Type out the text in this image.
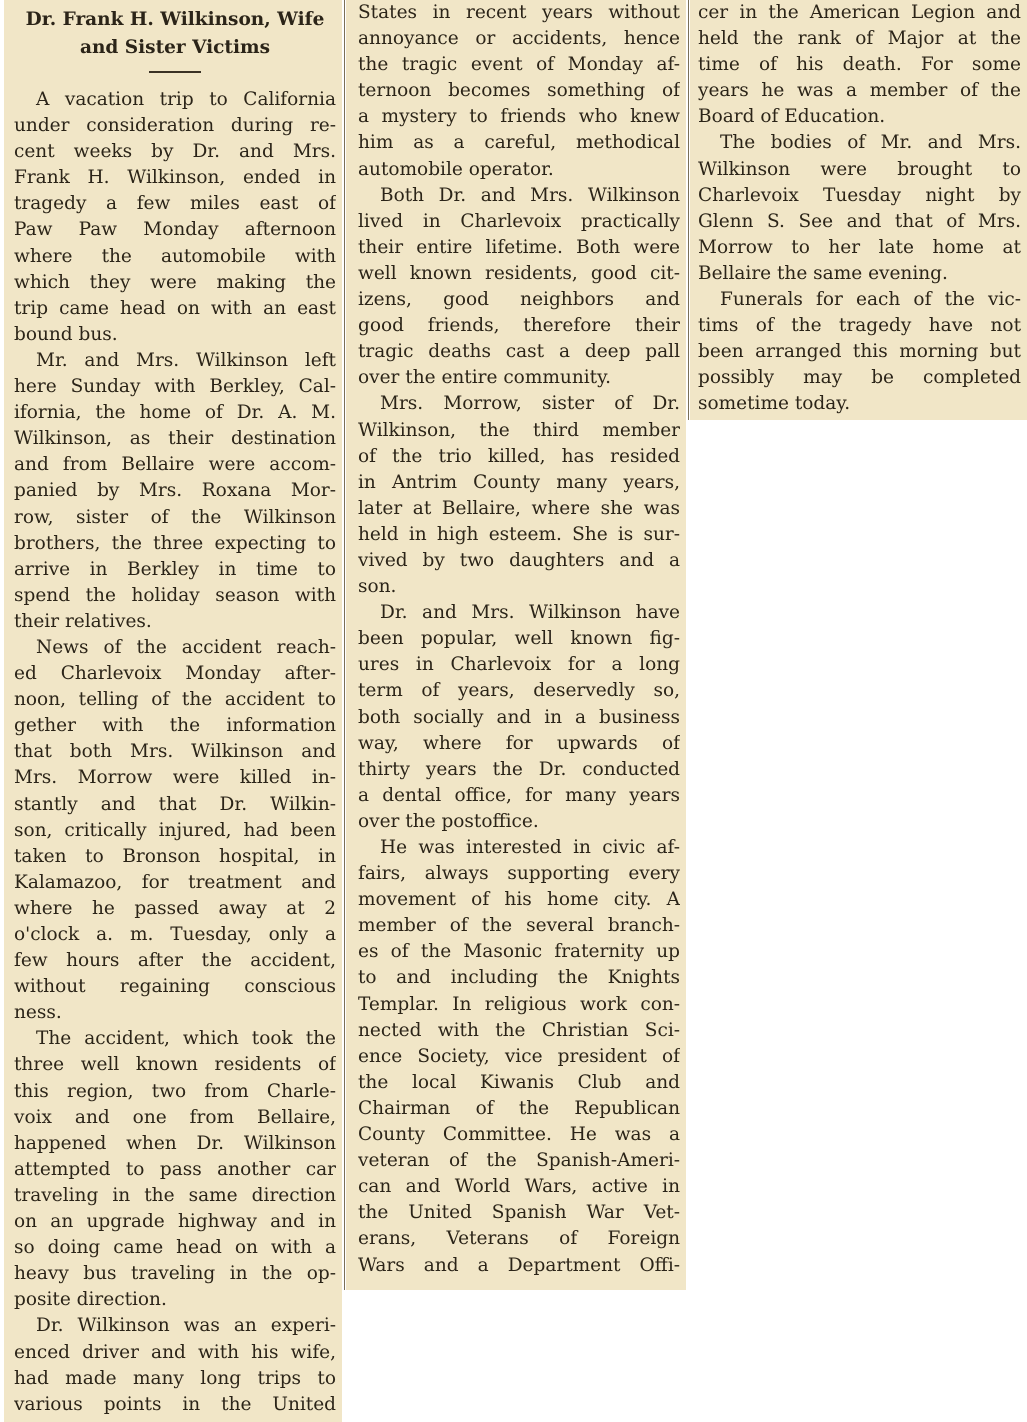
Dr. Frank H. Wilkinson, Wife
and Sister Victims
A vacation trip to California
under consideration during re-
cent weeks by Dr. and Mrs.
Frank H. Wilkinson, ended in
tragedy a few miles east of
Paw Paw Monday afternoon
where the automobile with
which they were making the
trip came head on with an east
bound bus.
Mr. and Mrs. Wilkinson left
here Sunday with Berkley, Cal-
ifornia, the home of Dr. A. M.
Wilkinson, as their destination
and from Bellaire were accom-
panied by Mrs. Roxana Mor-
row, sister of the Wilkinson
brothers, the three expecting to
arrive in Berkley in time to
spend the holiday season with
their relatives.
News of the accident reach-
ed Charlevoix Monday after-
noon, telling of the accident to
gether with the information
that both Mrs. Wilkinson and
Mrs. Morrow were killed in-
stantly and that Dr. Wilkin-
son, critically injured, had been
taken to Bronson hospital, in
Kalamazoo, for treatment and
where he passed away at 2
o'clock a. m. Tuesday, only a
few hours after the accident,
without regaining conscious
ness.
The accident, which took the
three well known residents of
this region, two from Charle-
voix and one from Bellaire,
happened when Dr. Wilkinson
attempted to pass another car
traveling in the same direction
on an upgrade highway and in
so doing came head on with a
heavy bus traveling in the op-
posite direction.
Dr. Wilkinson was an experi-
enced driver and with his wife,
had made many long trips to
various points in the United
States in recent years without
annoyance or accidents, hence
the tragic event of Monday af-
ternoon becomes something of
a mystery to friends who knew
him as a careful, methodical
automobile operator.
Both Dr. and Mrs. Wilkinson
lived in Charlevoix practically
their entire lifetime. Both were
well known residents, good cit-
izens, good neighbors and
good friends, therefore their
tragic deaths cast a deep pall
over the entire community.
Mrs. Morrow, sister of Dr.
Wilkinson, the third member
of the trio killed, has resided
in Antrim County many years,
later at Bellaire, where she was
held in high esteem. She is sur-
vived by two daughters and a
son.
Dr. and Mrs. Wilkinson have
been popular, well known fig-
ures in Charlevoix for a long
term of years, deservedly so,
both socially and in a business
way, where for upwards of
thirty years the Dr. conducted
a dental office, for many years
over the postoffice.
He was interested in civic af-
fairs, always supporting every
movement of his home city. A
member of the several branch-
es of the Masonic fraternity up
to and including the Knights
Templar. In religious work con-
nected with the Christian Sci-
ence Society, vice president of
the local Kiwanis Club and
Chairman of the Republican
County Committee. He was a
veteran of the Spanish-Ameri-
can and World Wars, active in
the United Spanish War Vet-
erans, Veterans of Foreign
Wars and a Department Offi-
cer in the American Legion and
held the rank of Major at the
time of his death. For some
years he was a member of the
Board of Education.
The bodies of Mr. and Mrs.
Wilkinson were brought to
Charlevoix Tuesday night by
Glenn S. See and that of Mrs.
Morrow to her late home at
Bellaire the same evening.
Funerals for each of the vic-
tims of the tragedy have not
been arranged this morning but
possibly may be completed
sometime today.
